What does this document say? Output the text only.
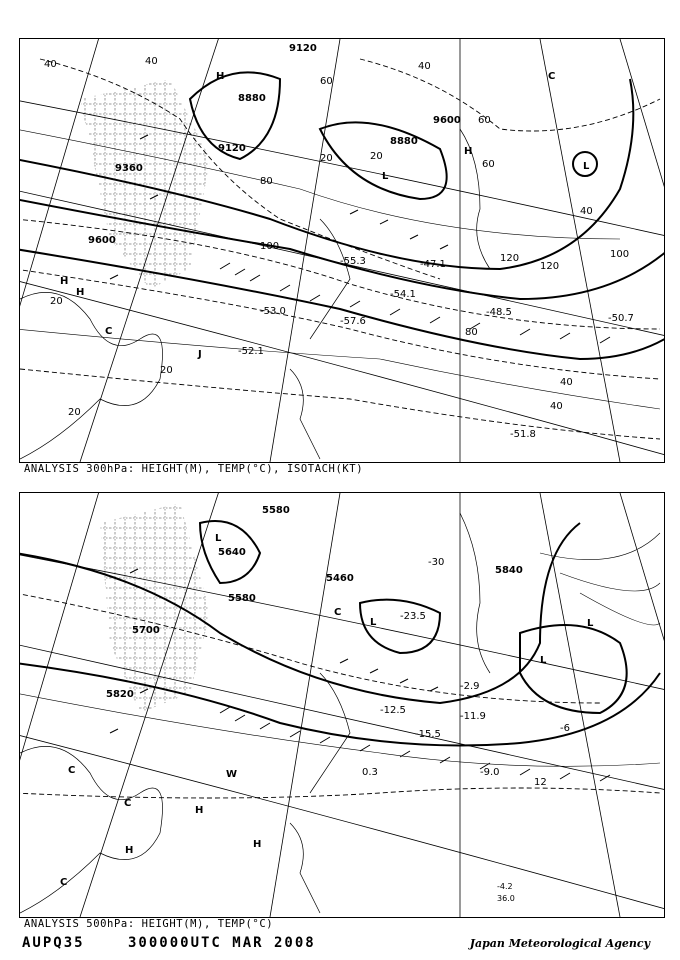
9120
8880
8880
9120
9360
9600
9600
40	40
60
80
100
120
120	100
80
60
40
20
20
20
20
40
40
60
40
20
H
H
H
L
L
C
C
H
J
-51.8
-52.1
-53.0
-54.1
-55.3
-57.6	-50.7
-48.5
-47.1
ANALYSIS 300hPa: HEIGHT(M), TEMP(°C), ISOTACH(KT)
5580
5640
5580
5460
5700
5820
5840
-30
-6
12
-4.2
36.0
L
L	L
L
C
C
C
C
H
H
H
W
-15.5
-23.5
-12.5
-11.9
-9.0
-2.9
0.3
ANALYSIS 500hPa: HEIGHT(M), TEMP(°C)
AUPQ35	300000UTC MAR 2008	Japan Meteorological Agency
